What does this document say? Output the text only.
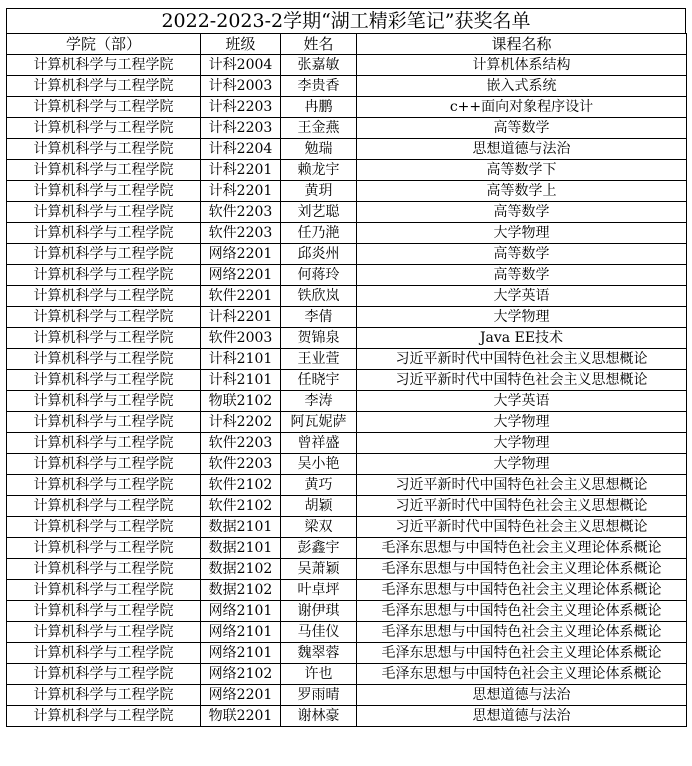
2022-2023-2学期“湖工精彩笔记”获奖名单
学院（部）	班级	姓名	课程名称
计算机科学与工程学院	计科2004	张嘉敏	计算机体系结构
计算机科学与工程学院	计科2003	李贵香	嵌入式系统
计算机科学与工程学院	计科2203	冉鹏	c++面向对象程序设计
计算机科学与工程学院	计科2203	王金燕	高等数学
计算机科学与工程学院	计科2204	勉瑞	思想道德与法治
计算机科学与工程学院	计科2201	赖龙宇	高等数学下
计算机科学与工程学院	计科2201	黄玥	高等数学上
计算机科学与工程学院	软件2203	刘艺聪	高等数学
计算机科学与工程学院	软件2203	任乃滟	大学物理
计算机科学与工程学院	网络2201	邱炎州	高等数学
计算机科学与工程学院	网络2201	何蒋玲	高等数学
计算机科学与工程学院	软件2201	铁欣岚	大学英语
计算机科学与工程学院	计科2201	李倩	大学物理
计算机科学与工程学院	软件2003	贺锦泉	Java EE技术
计算机科学与工程学院	计科2101	王业萱	习近平新时代中国特色社会主义思想概论
计算机科学与工程学院	计科2101	任晓宇	习近平新时代中国特色社会主义思想概论
计算机科学与工程学院	物联2102	李涛	大学英语
计算机科学与工程学院	计科2202	阿瓦妮萨	大学物理
计算机科学与工程学院	软件2203	曾祥盛	大学物理
计算机科学与工程学院	软件2203	吴小艳	大学物理
计算机科学与工程学院	软件2102	黄巧	习近平新时代中国特色社会主义思想概论
计算机科学与工程学院	软件2102	胡颖	习近平新时代中国特色社会主义思想概论
计算机科学与工程学院	数据2101	梁双	习近平新时代中国特色社会主义思想概论
计算机科学与工程学院	数据2101	彭鑫宇	毛泽东思想与中国特色社会主义理论体系概论
计算机科学与工程学院	数据2102	吴萧颖	毛泽东思想与中国特色社会主义理论体系概论
计算机科学与工程学院	数据2102	叶卓坪	毛泽东思想与中国特色社会主义理论体系概论
计算机科学与工程学院	网络2101	谢伊琪	毛泽东思想与中国特色社会主义理论体系概论
计算机科学与工程学院	网络2101	马佳仪	毛泽东思想与中国特色社会主义理论体系概论
计算机科学与工程学院	网络2101	魏翠蓉	毛泽东思想与中国特色社会主义理论体系概论
计算机科学与工程学院	网络2102	许也	毛泽东思想与中国特色社会主义理论体系概论
计算机科学与工程学院	网络2201	罗雨晴	思想道德与法治
计算机科学与工程学院	物联2201	谢林豪	思想道德与法治
